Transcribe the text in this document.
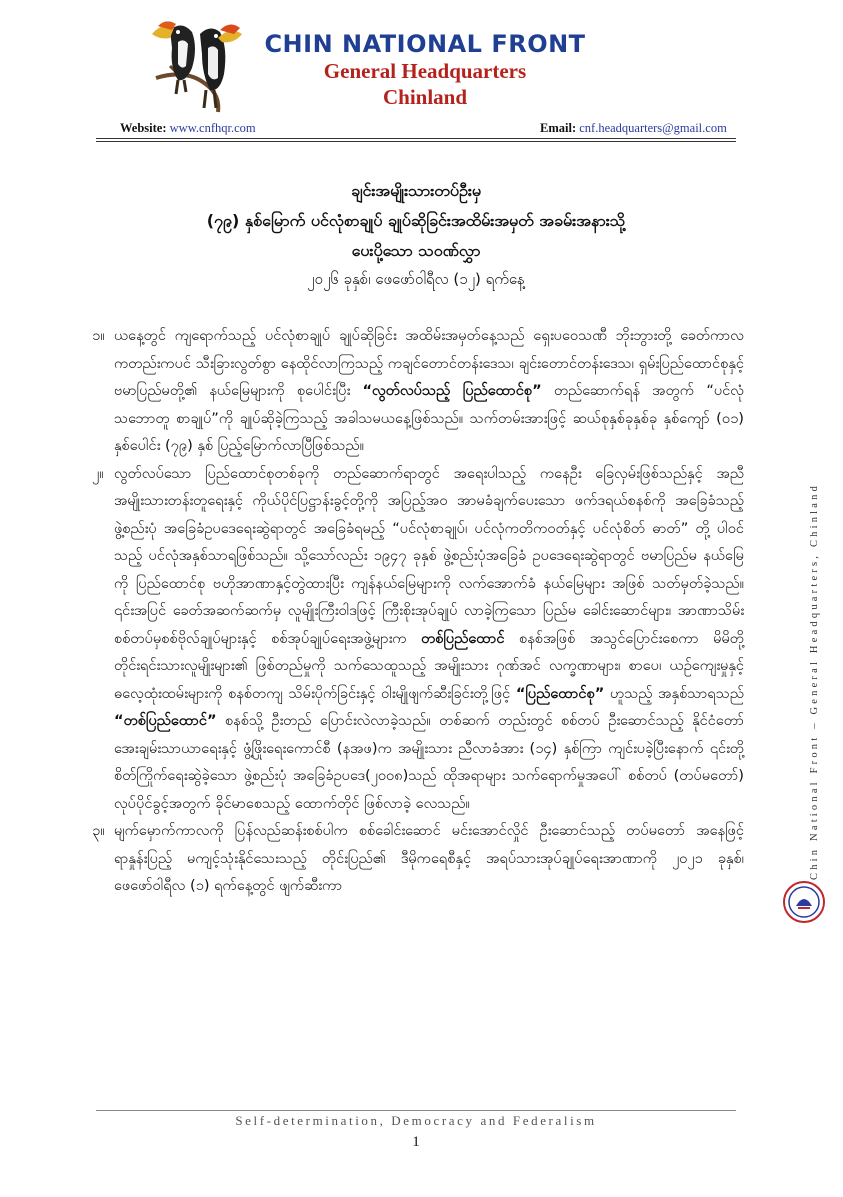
CHIN NATIONAL FRONT
General Headquarters
Chinland
Website: www.cnfhqr.com	Email: cnf.headquarters@gmail.com
ချင်းအမျိုးသားတပ်ဦးမှ
(၇၉) နှစ်မြောက် ပင်လုံစာချုပ် ချုပ်ဆိုခြင်းအထိမ်းအမှတ် အခမ်းအနားသို့
ပေးပို့သော သဝဏ်လွှာ
၂၀၂၆ ခုနှစ်၊ ဖေဖော်ဝါရီလ (၁၂) ရက်နေ့
၁။ ယနေ့တွင် ကျရောက်သည့် ပင်လုံစာချုပ် ချုပ်ဆိုခြင်း အထိမ်းအမှတ်နေ့သည် ရှေးပဝေသဏီ ဘိုးဘွားတို့ ခေတ်ကာလ ကတည်းကပင် သီးခြားလွတ်စွာ နေထိုင်လာကြသည့် ကချင်တောင်တန်းဒေသ၊ ချင်းတောင်တန်းဒေသ၊ ရှမ်းပြည်ထောင်စုနှင့် ဗမာပြည်မတို့၏ နယ်မြေများကို စုပေါင်းပြီး “လွတ်လပ်သည့် ပြည်ထောင်စု” တည်ဆောက်ရန် အတွက် “ပင်လုံသဘောတူ စာချုပ်”ကို ချုပ်ဆိုခဲ့ကြသည့် အခါသမယနေ့ဖြစ်သည်။ သက်တမ်းအားဖြင့် ဆယ်စုနှစ်ခုနှစ်ခု နှစ်ကျော် (၀၁) နှစ်ပေါင်း (၇၉) နှစ် ပြည့်မြောက်လာပြီဖြစ်သည်။
၂။ လွတ်လပ်သော ပြည်ထောင်စုတစ်ခုကို တည်ဆောက်ရာတွင် အရေးပါသည့် ကနေဦး ခြေလှမ်းဖြစ်သည်နှင့် အညီ အမျိုးသားတန်းတူရေးနှင့် ကိုယ်ပိုင်ပြဋ္ဌာန်းခွင့်တို့ကို အပြည့်အဝ အာမခံချက်ပေးသော ဖက်ဒရယ်စနစ်ကို အခြေခံသည့် ဖွဲ့စည်းပုံ အခြေခံဥပဒေရေးဆွဲရာတွင် အခြေခံရမည့် “ပင်လုံစာချုပ်၊ ပင်လုံကတိကဝတ်နှင့် ပင်လုံစိတ် ဓာတ်” တို့ ပါဝင်သည့် ပင်လုံအနှစ်သာရဖြစ်သည်။ သို့သော်လည်း ၁၉၄၇ ခုနှစ် ဖွဲ့စည်းပုံအခြေခံ ဥပဒေရေးဆွဲရာတွင် ဗမာပြည်မ နယ်မြေကို ပြည်ထောင်စု ဗဟိုအာဏာနှင့်တွဲထားပြီး ကျန်နယ်မြေများကို လက်အောက်ခံ နယ်မြေများ အဖြစ် သတ်မှတ်ခဲ့သည်။ ၎င်းအပြင် ခေတ်အဆက်ဆက်မှ လူမျိုးကြီးဝါဒဖြင့် ကြီးစိုးအုပ်ချုပ် လာခဲ့ကြသော ပြည်မ ခေါင်းဆောင်များ၊ အာဏာသိမ်း စစ်တပ်မှစစ်ဗိုလ်ချုပ်များနှင့် စစ်အုပ်ချုပ်ရေးအဖွဲ့များက တစ်ပြည်ထောင် စနစ်အဖြစ် အသွင်ပြောင်းစေကာ မိမိတို့ တိုင်းရင်းသားလူမျိုးများ၏ ဖြစ်တည်မှုကို သက်သေထူသည့် အမျိုးသား ဂုဏ်အင် လက္ခဏာများ၊ စာပေ၊ ယဉ်ကျေးမှုနှင့် ဓလေ့ထုံးထမ်းများကို စနစ်တကျ သိမ်းပိုက်ခြင်းနှင့် ဝါးမျိုဖျက်ဆီးခြင်းတို့ဖြင့် “ပြည်ထောင်စု” ဟူသည့် အနှစ်သာရသည် “တစ်ပြည်ထောင်” စနစ်သို့ ဦးတည် ပြောင်းလဲလာခဲ့သည်။ တစ်ဆက် တည်းတွင် စစ်တပ် ဦးဆောင်သည့် နိုင်ငံတော် အေးချမ်းသာယာရေးနှင့် ဖွံ့ဖြိုးရေးကောင်စီ (နအဖ)က အမျိုးသား ညီလာခံအား (၁၄) နှစ်ကြာ ကျင်းပခဲ့ပြီးနောက် ၎င်းတို့ စိတ်ကြိုက်ရေးဆွဲခဲ့သော ဖွဲ့စည်းပုံ အခြေခံဥပဒေ(၂၀၀၈)သည် ထိုအရာများ သက်ရောက်မှုအပေါ် စစ်တပ် (တပ်မတော်) လုပ်ပိုင်ခွင့်အတွက် ခိုင်မာစေသည့် ထောက်တိုင် ဖြစ်လာခဲ့ လေသည်။
၃။ မျက်မှောက်ကာလကို ပြန်လည်ဆန်းစစ်ပါက စစ်ခေါင်းဆောင် မင်းအောင်လှိုင် ဦးဆောင်သည့် တပ်မတော် အနေဖြင့် ရာနှုန်းပြည့် မကျင့်သုံးနိုင်သေးသည့် တိုင်းပြည်၏ ဒီမိုကရေစီနှင့် အရပ်သားအုပ်ချုပ်ရေးအာဏာကို ၂၀၂၁ ခုနှစ်၊ ဖေဖော်ဝါရီလ (၁) ရက်နေ့တွင် ဖျက်ဆီးကာ
Chin National Front – General Headquarters, Chinland
Self-determination, Democracy and Federalism
1
